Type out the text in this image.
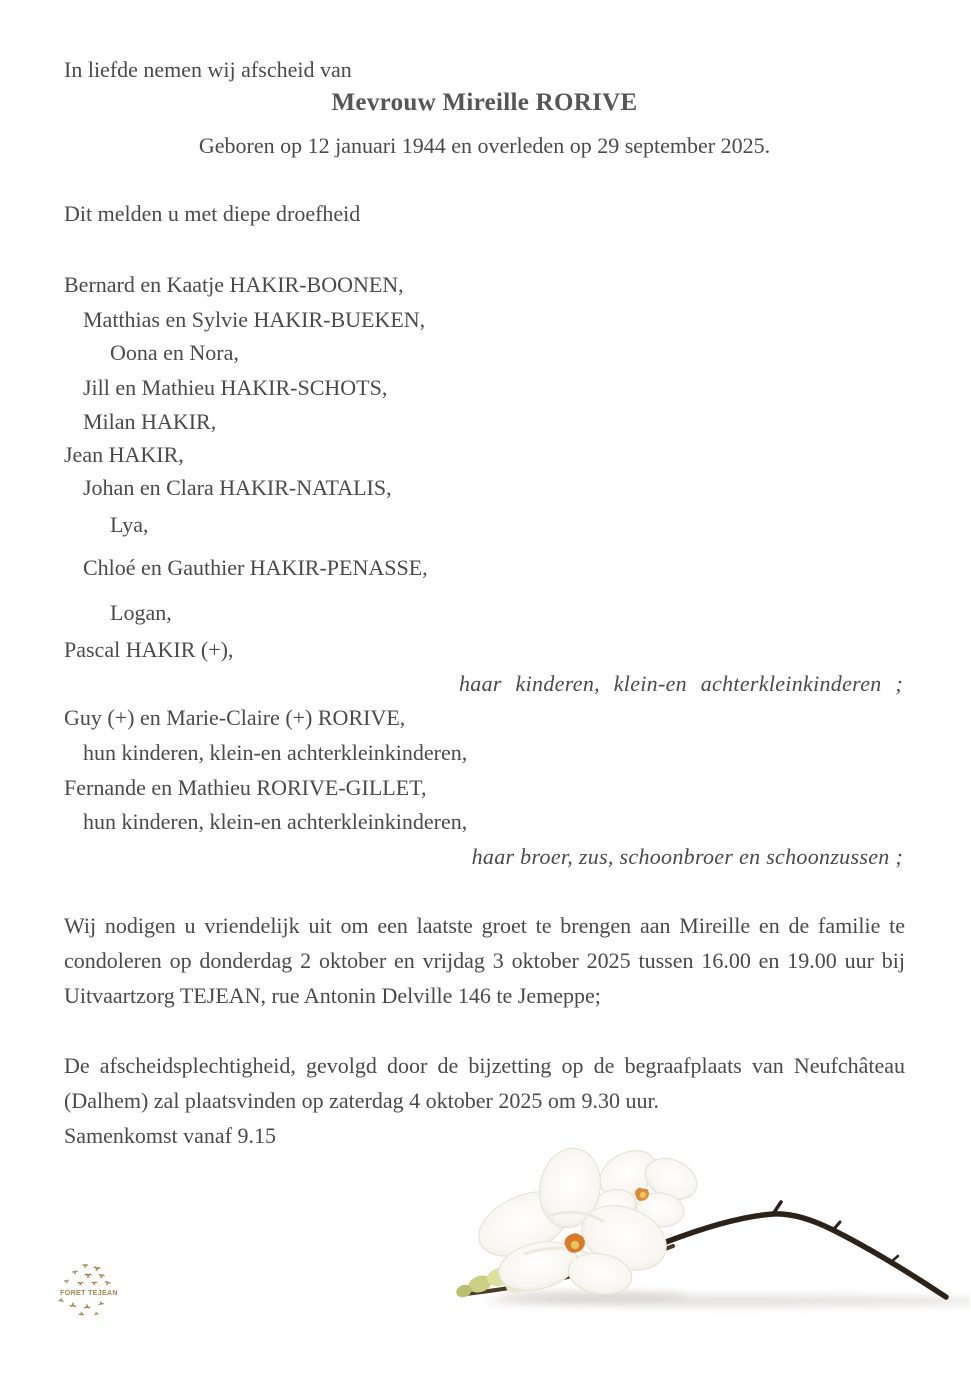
In liefde nemen wij afscheid van
Mevrouw Mireille RORIVE
Geboren op 12 januari 1944 en overleden op 29 september 2025.
Dit melden u met diepe droefheid
Bernard en Kaatje HAKIR-BOONEN,
Matthias en Sylvie HAKIR-BUEKEN,
Oona en Nora,
Jill en Mathieu HAKIR-SCHOTS,
Milan HAKIR,
Jean HAKIR,
Johan en Clara HAKIR-NATALIS,
Lya,
Chloé en Gauthier HAKIR-PENASSE,
Logan,
Pascal HAKIR (+),
haar kinderen, klein-en achterkleinkinderen ;
Guy (+) en Marie-Claire (+) RORIVE,
hun kinderen, klein-en achterkleinkinderen,
Fernande en Mathieu RORIVE-GILLET,
hun kinderen, klein-en achterkleinkinderen,
haar broer, zus, schoonbroer en schoonzussen ;
Wij nodigen u vriendelijk uit om een laatste groet te brengen aan Mireille en de familie te condoleren op donderdag 2 oktober en vrijdag 3 oktober 2025 tussen 16.00 en 19.00 uur bij Uitvaartzorg TEJEAN, rue Antonin Delville 146 te Jemeppe;
De afscheidsplechtigheid, gevolgd door de bijzetting op de begraafplaats van Neufchâteau (Dalhem) zal plaatsvinden op zaterdag 4 oktober 2025 om 9.30 uur.
Samenkomst vanaf 9.15
FORET TEJEAN
